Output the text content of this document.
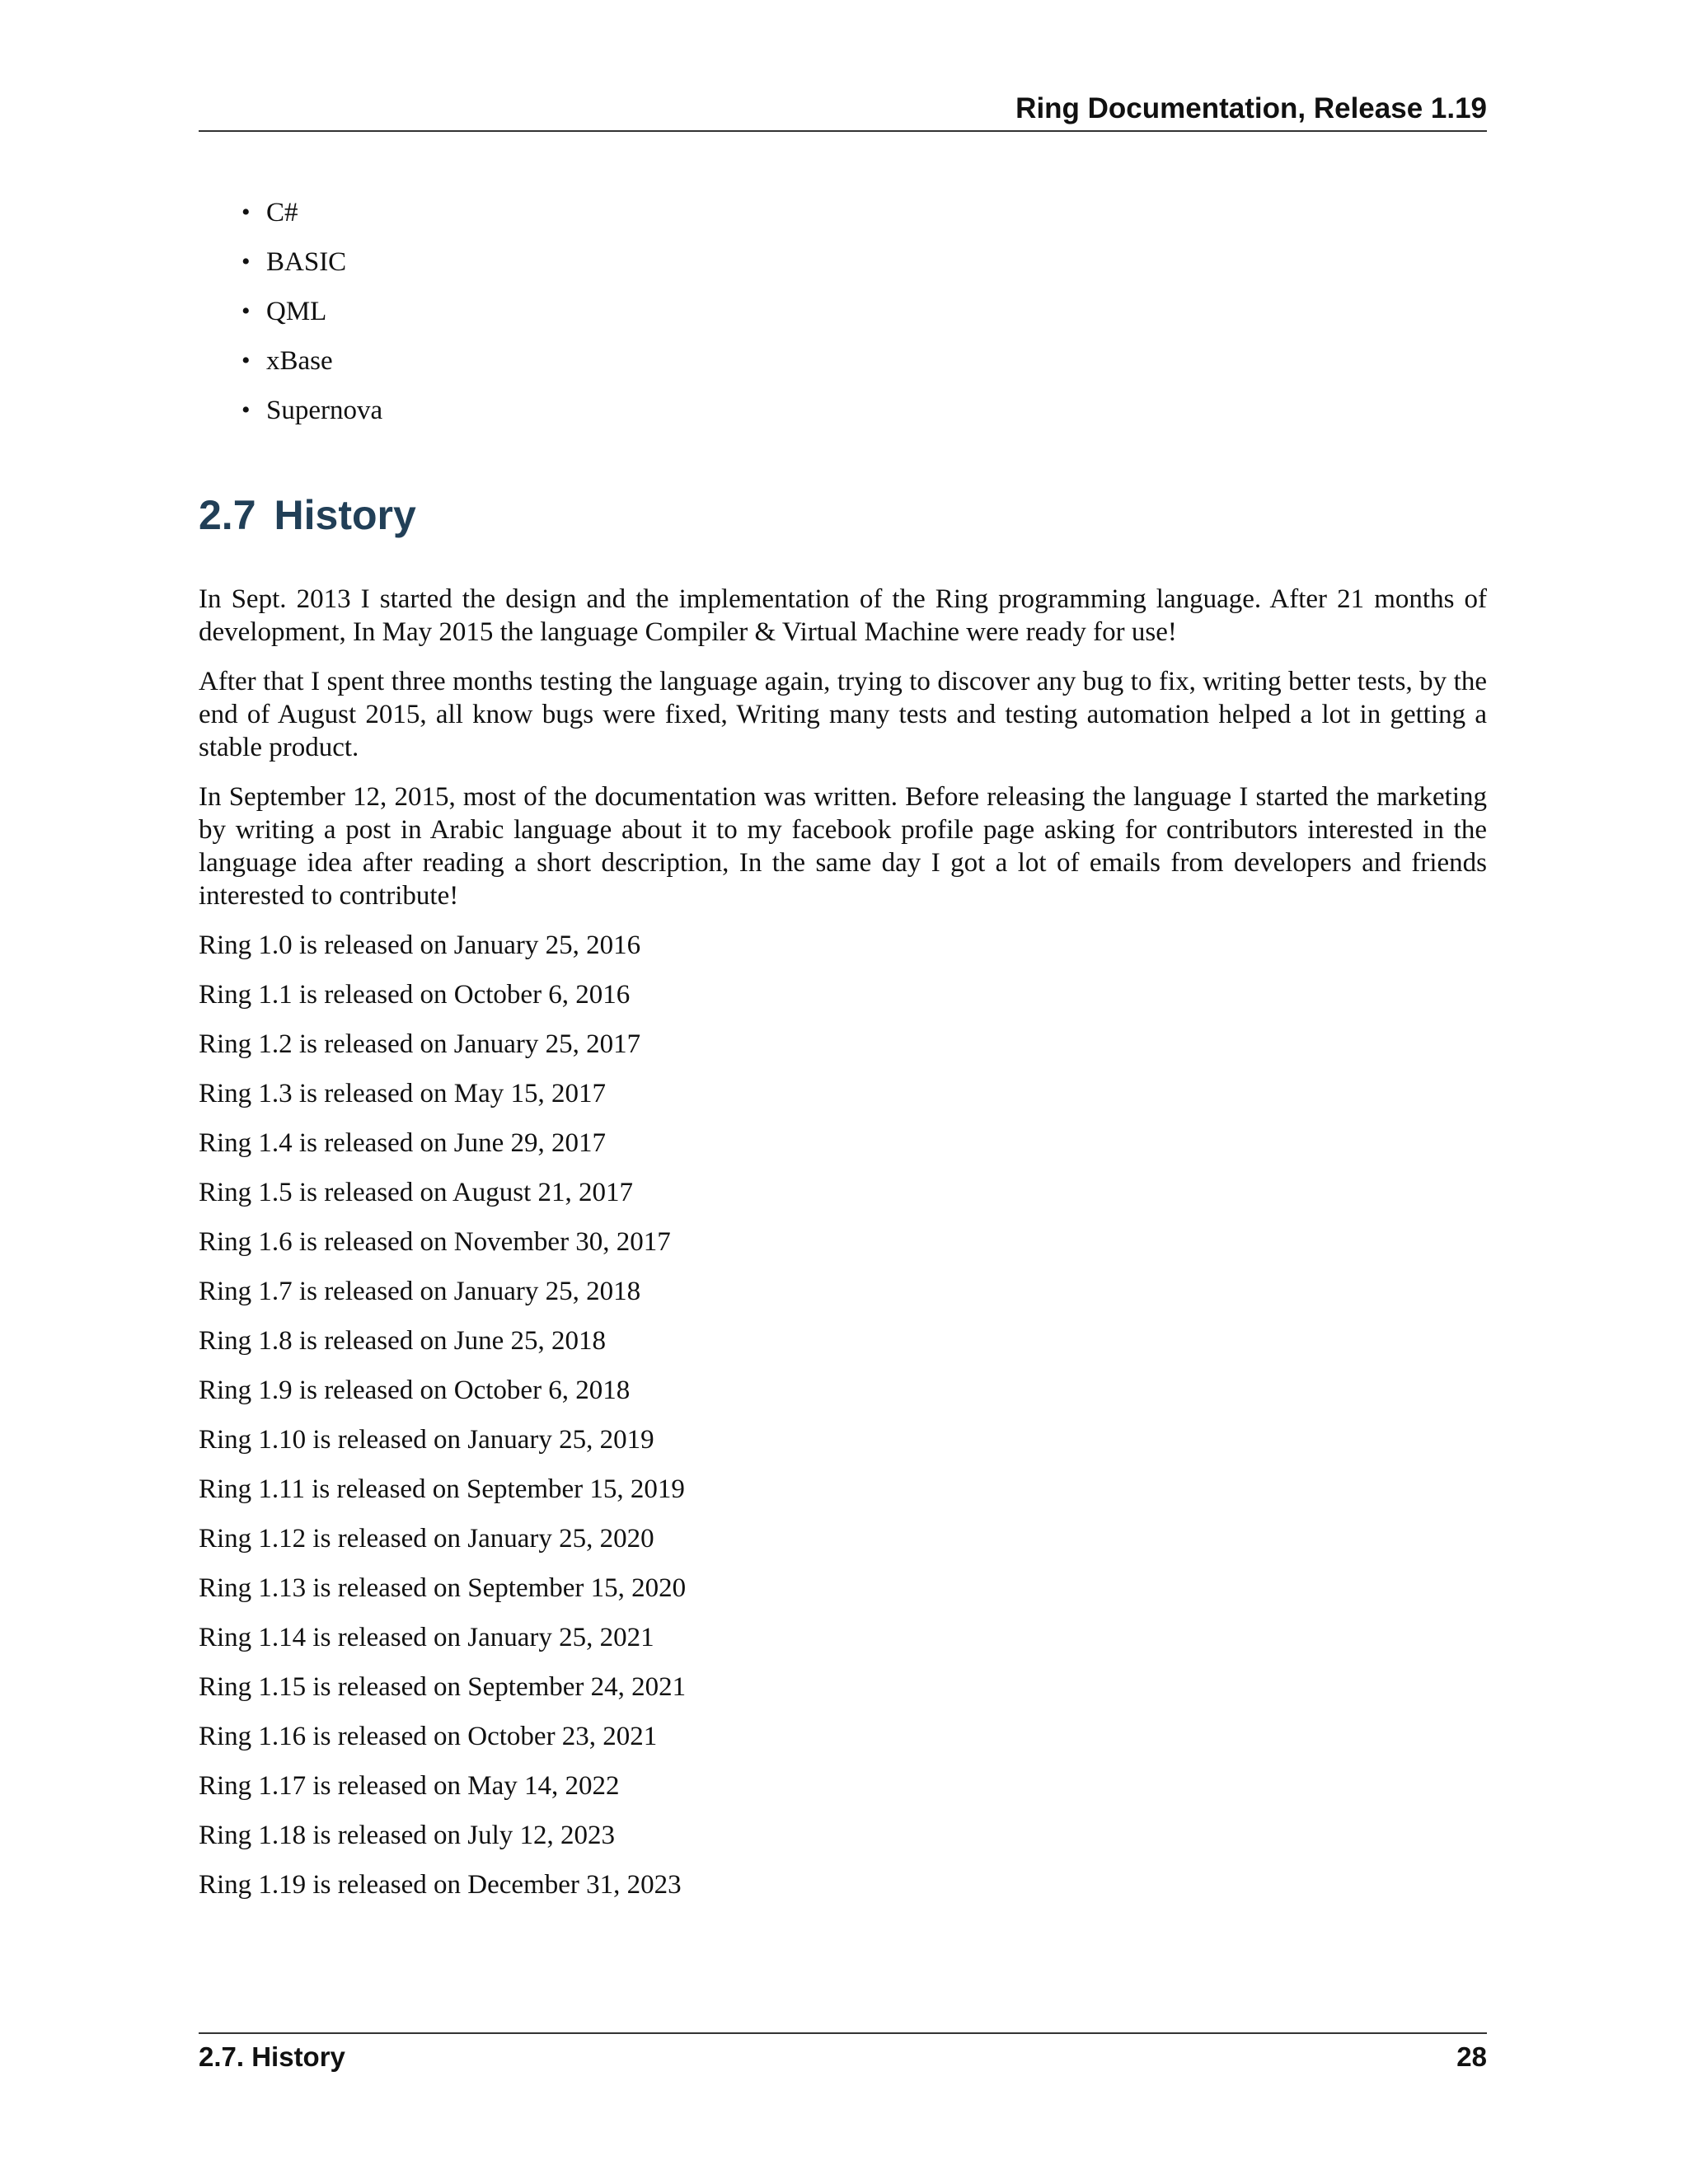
Ring Documentation, Release 1.19
• C#
• BASIC
• QML
• xBase
• Supernova
2.7 History

In Sept. 2013 I started the design and the implementation of the Ring programming language. After 21 months of development, In May 2015 the language Compiler & Virtual Machine were ready for use!

After that I spent three months testing the language again, trying to discover any bug to fix, writing better tests, by the end of August 2015, all know bugs were fixed, Writing many tests and testing automation helped a lot in getting a stable product.

In September 12, 2015, most of the documentation was written. Before releasing the language I started the marketing by writing a post in Arabic language about it to my facebook profile page asking for contributors interested in the language idea after reading a short description, In the same day I got a lot of emails from developers and friends interested to contribute!

Ring 1.0 is released on January 25, 2016

Ring 1.1 is released on October 6, 2016

Ring 1.2 is released on January 25, 2017

Ring 1.3 is released on May 15, 2017

Ring 1.4 is released on June 29, 2017

Ring 1.5 is released on August 21, 2017

Ring 1.6 is released on November 30, 2017

Ring 1.7 is released on January 25, 2018

Ring 1.8 is released on June 25, 2018

Ring 1.9 is released on October 6, 2018

Ring 1.10 is released on January 25, 2019

Ring 1.11 is released on September 15, 2019

Ring 1.12 is released on January 25, 2020

Ring 1.13 is released on September 15, 2020

Ring 1.14 is released on January 25, 2021

Ring 1.15 is released on September 24, 2021

Ring 1.16 is released on October 23, 2021

Ring 1.17 is released on May 14, 2022

Ring 1.18 is released on July 12, 2023

Ring 1.19 is released on December 31, 2023

2.7. History	28
